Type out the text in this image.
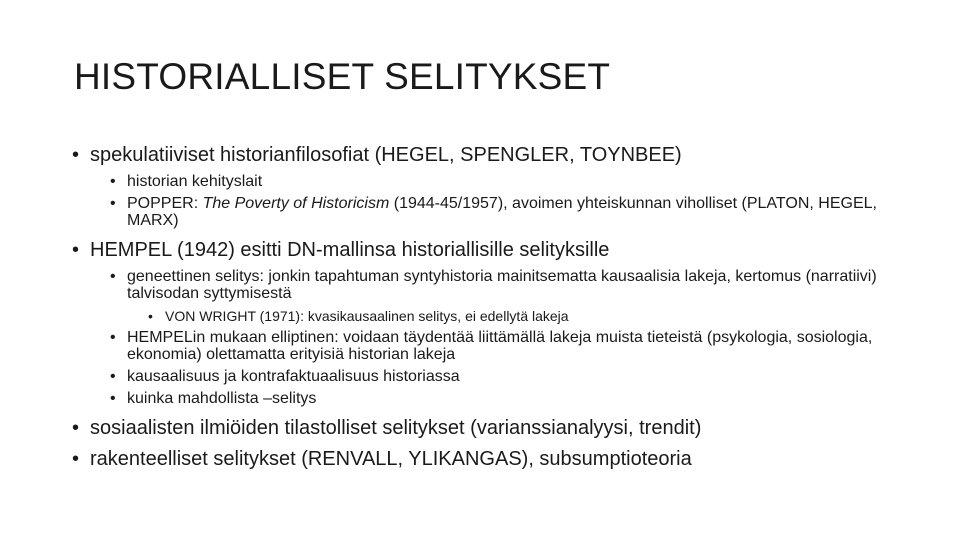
HISTORIALLISET SELITYKSET
• spekulatiiviset historianfilosofiat (HEGEL, SPENGLER, TOYNBEE)
• historian kehityslait
• POPPER: The Poverty of Historicism (1944-45/1957), avoimen yhteiskunnan viholliset (PLATON, HEGEL, MARX)
• HEMPEL (1942) esitti DN-mallinsa historiallisille selityksille
• geneettinen selitys: jonkin tapahtuman syntyhistoria mainitsematta kausaalisia lakeja, kertomus (narratiivi) talvisodan syttymisestä
• VON WRIGHT (1971): kvasikausaalinen selitys, ei edellytä lakeja
• HEMPELin mukaan elliptinen: voidaan täydentää liittämällä lakeja muista tieteistä (psykologia, sosiologia, ekonomia) olettamatta erityisiä historian lakeja
• kausaalisuus ja kontrafaktuaalisuus historiassa
• kuinka mahdollista –selitys
• sosiaalisten ilmiöiden tilastolliset selitykset (varianssianalyysi, trendit)
• rakenteelliset selitykset (RENVALL, YLIKANGAS), subsumptioteoria
